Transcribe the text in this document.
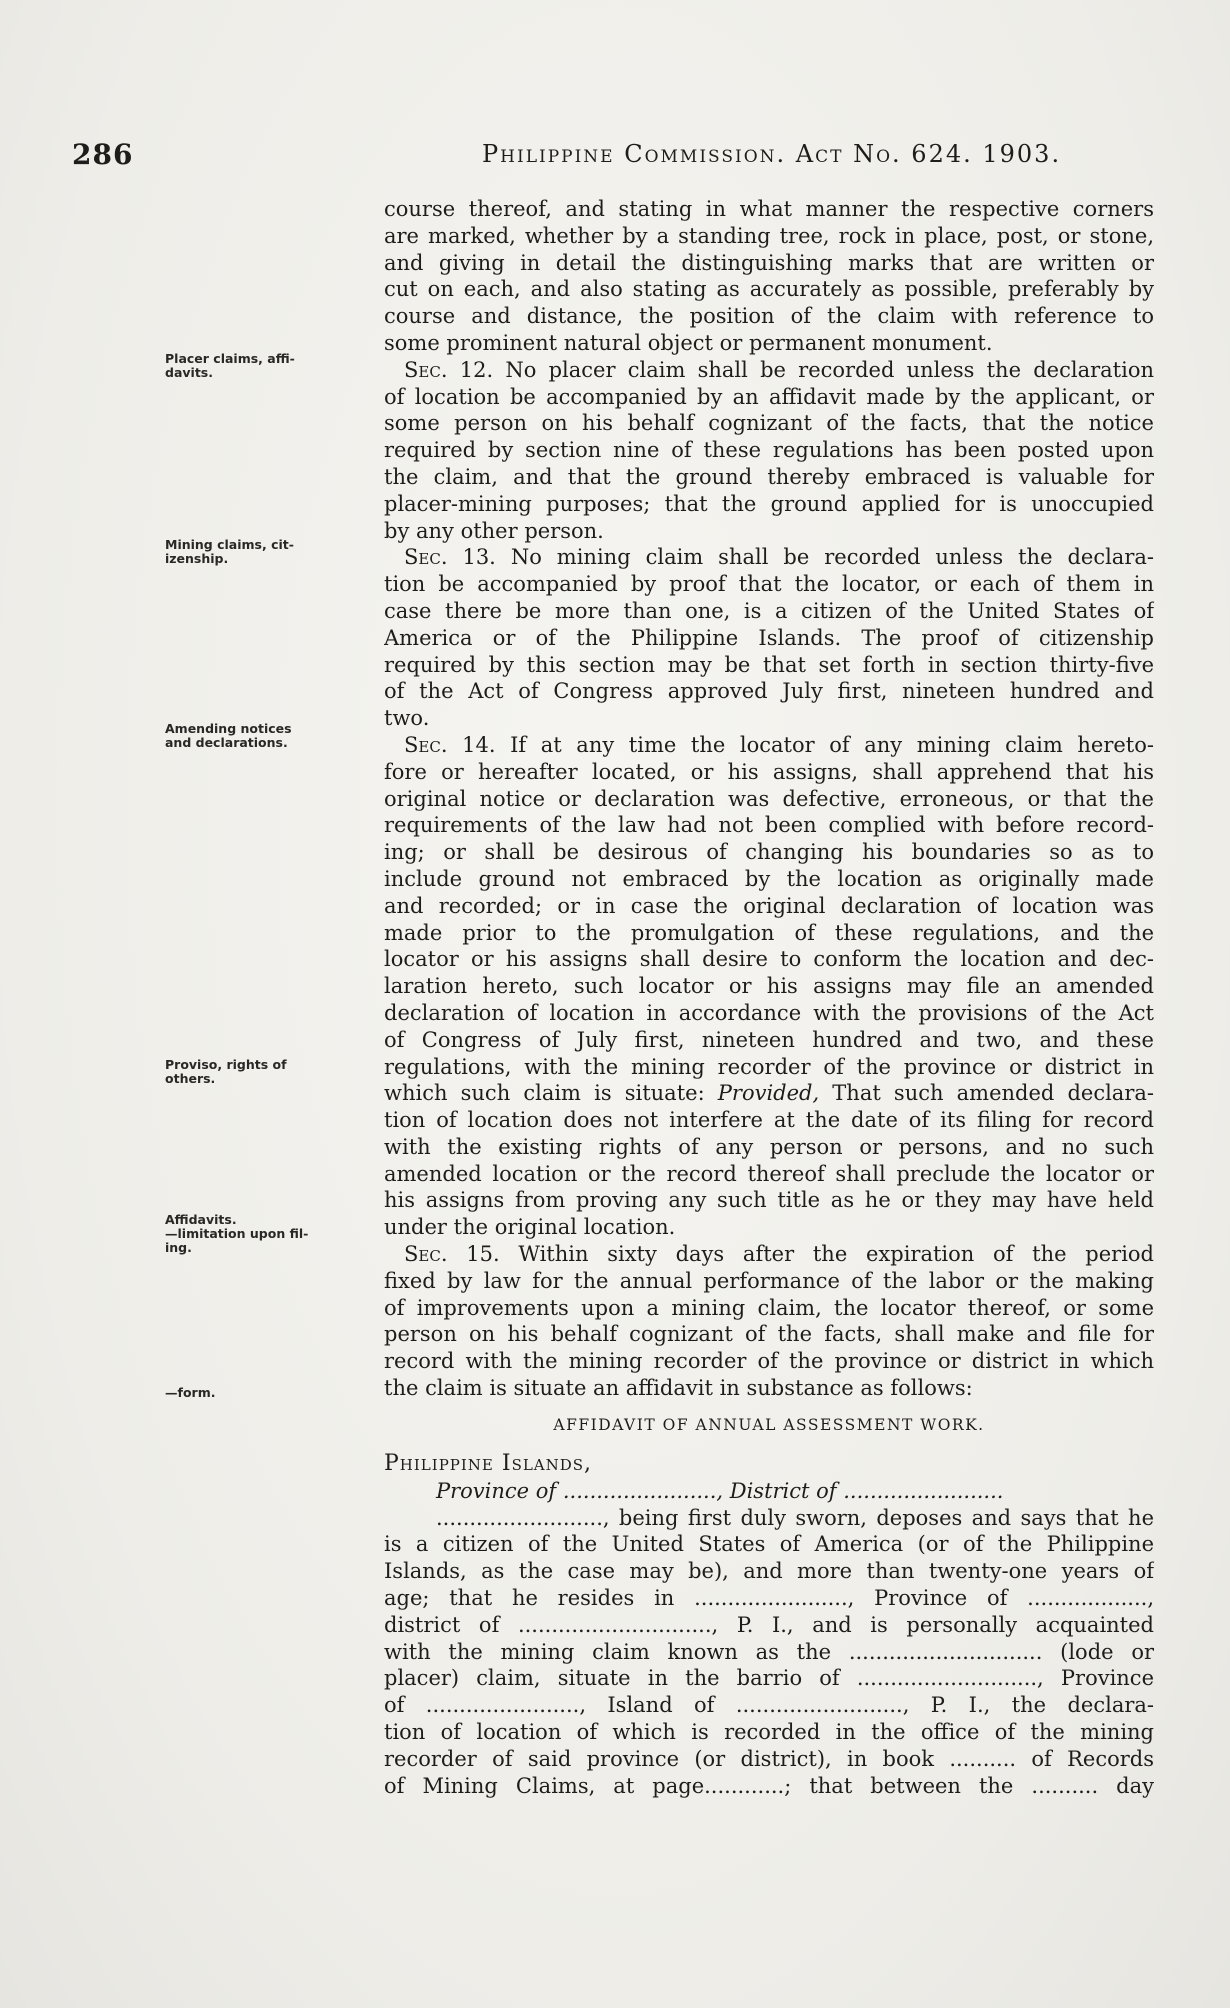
286	Philippine Commission. Act No. 624. 1903.
Placer claims, affi-
davits.
Mining claims, cit-
izenship.
Amending notices
and declarations.
Proviso, rights of
others.
Affidavits.
—limitation upon fil-
ing.
—form.
course thereof, and stating in what manner the respective corners
are marked, whether by a standing tree, rock in place, post, or stone,
and giving in detail the distinguishing marks that are written or
cut on each, and also stating as accurately as possible, preferably by
course and distance, the position of the claim with reference to
some prominent natural object or permanent monument.
Sec. 12. No placer claim shall be recorded unless the declaration
of location be accompanied by an affidavit made by the applicant, or
some person on his behalf cognizant of the facts, that the notice
required by section nine of these regulations has been posted upon
the claim, and that the ground thereby embraced is valuable for
placer-mining purposes; that the ground applied for is unoccupied
by any other person.
Sec. 13. No mining claim shall be recorded unless the declara-
tion be accompanied by proof that the locator, or each of them in
case there be more than one, is a citizen of the United States of
America or of the Philippine Islands. The proof of citizenship
required by this section may be that set forth in section thirty-five
of the Act of Congress approved July first, nineteen hundred and
two.
Sec. 14. If at any time the locator of any mining claim hereto-
fore or hereafter located, or his assigns, shall apprehend that his
original notice or declaration was defective, erroneous, or that the
requirements of the law had not been complied with before record-
ing; or shall be desirous of changing his boundaries so as to
include ground not embraced by the location as originally made
and recorded; or in case the original declaration of location was
made prior to the promulgation of these regulations, and the
locator or his assigns shall desire to conform the location and dec-
laration hereto, such locator or his assigns may file an amended
declaration of location in accordance with the provisions of the Act
of Congress of July first, nineteen hundred and two, and these
regulations, with the mining recorder of the province or district in
which such claim is situate: Provided, That such amended declara-
tion of location does not interfere at the date of its filing for record
with the existing rights of any person or persons, and no such
amended location or the record thereof shall preclude the locator or
his assigns from proving any such title as he or they may have held
under the original location.
Sec. 15. Within sixty days after the expiration of the period
fixed by law for the annual performance of the labor or the making
of improvements upon a mining claim, the locator thereof, or some
person on his behalf cognizant of the facts, shall make and file for
record with the mining recorder of the province or district in which
the claim is situate an affidavit in substance as follows:
AFFIDAVIT OF ANNUAL ASSESSMENT WORK.
Philippine Islands,
Province of ......................., District of ........................
........................., being first duly sworn, deposes and says that he
is a citizen of the United States of America (or of the Philippine
Islands, as the case may be), and more than twenty-one years of
age; that he resides in ......................., Province of ..................,
district of ............................., P. I., and is personally acquainted
with the mining claim known as the ............................. (lode or
placer) claim, situate in the barrio of ..........................., Province
of ......................., Island of ........................., P. I., the declara-
tion of location of which is recorded in the office of the mining
recorder of said province (or district), in book .......... of Records
of Mining Claims, at page............; that between the .......... day
